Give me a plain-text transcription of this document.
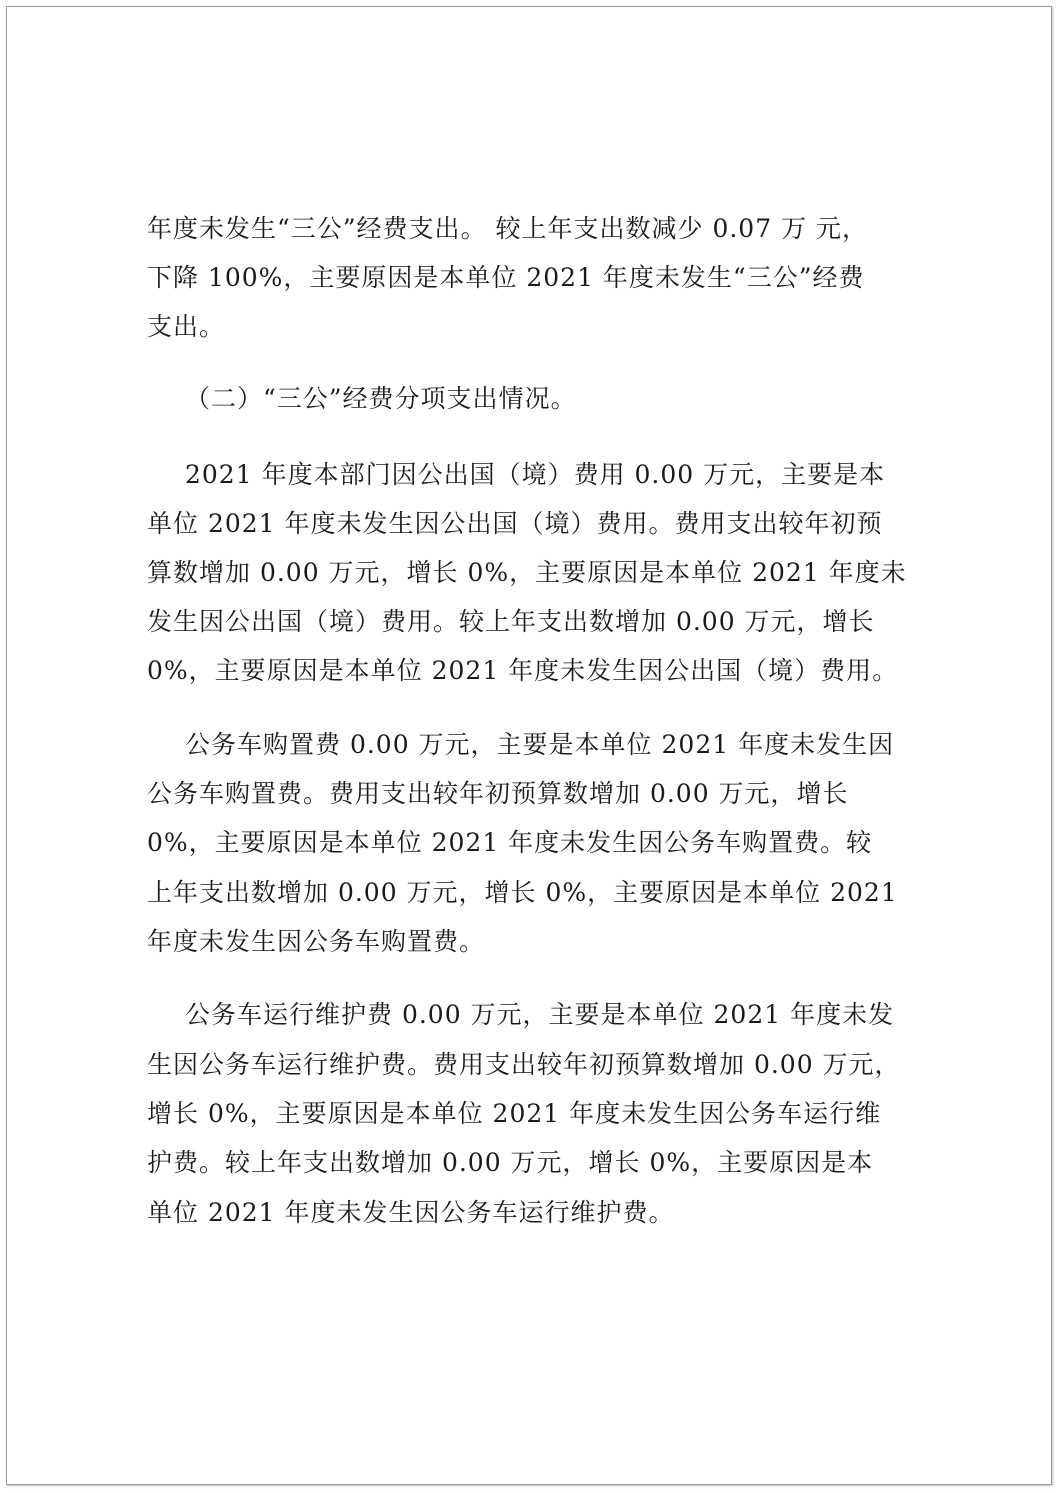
年度未发生“三公”经费支出。 较上年支出数减少 0.07 万 元，

下降 100%，主要原因是本单位 2021 年度未发生“三公”经费

支出。

（二）“三公”经费分项支出情况。

2021 年度本部门因公出国（境）费用 0.00 万元，主要是本

单位 2021 年度未发生因公出国（境）费用。费用支出较年初预

算数增加 0.00 万元，增长 0%，主要原因是本单位 2021 年度未

发生因公出国（境）费用。较上年支出数增加 0.00 万元，增长

0%，主要原因是本单位 2021 年度未发生因公出国（境）费用。

公务车购置费 0.00 万元，主要是本单位 2021 年度未发生因

公务车购置费。费用支出较年初预算数增加 0.00 万元，增长

0%，主要原因是本单位 2021 年度未发生因公务车购置费。较

上年支出数增加 0.00 万元，增长 0%，主要原因是本单位 2021

年度未发生因公务车购置费。

公务车运行维护费 0.00 万元，主要是本单位 2021 年度未发

生因公务车运行维护费。费用支出较年初预算数增加 0.00 万元，

增长 0%，主要原因是本单位 2021 年度未发生因公务车运行维

护费。较上年支出数增加 0.00 万元，增长 0%，主要原因是本

单位 2021 年度未发生因公务车运行维护费。
